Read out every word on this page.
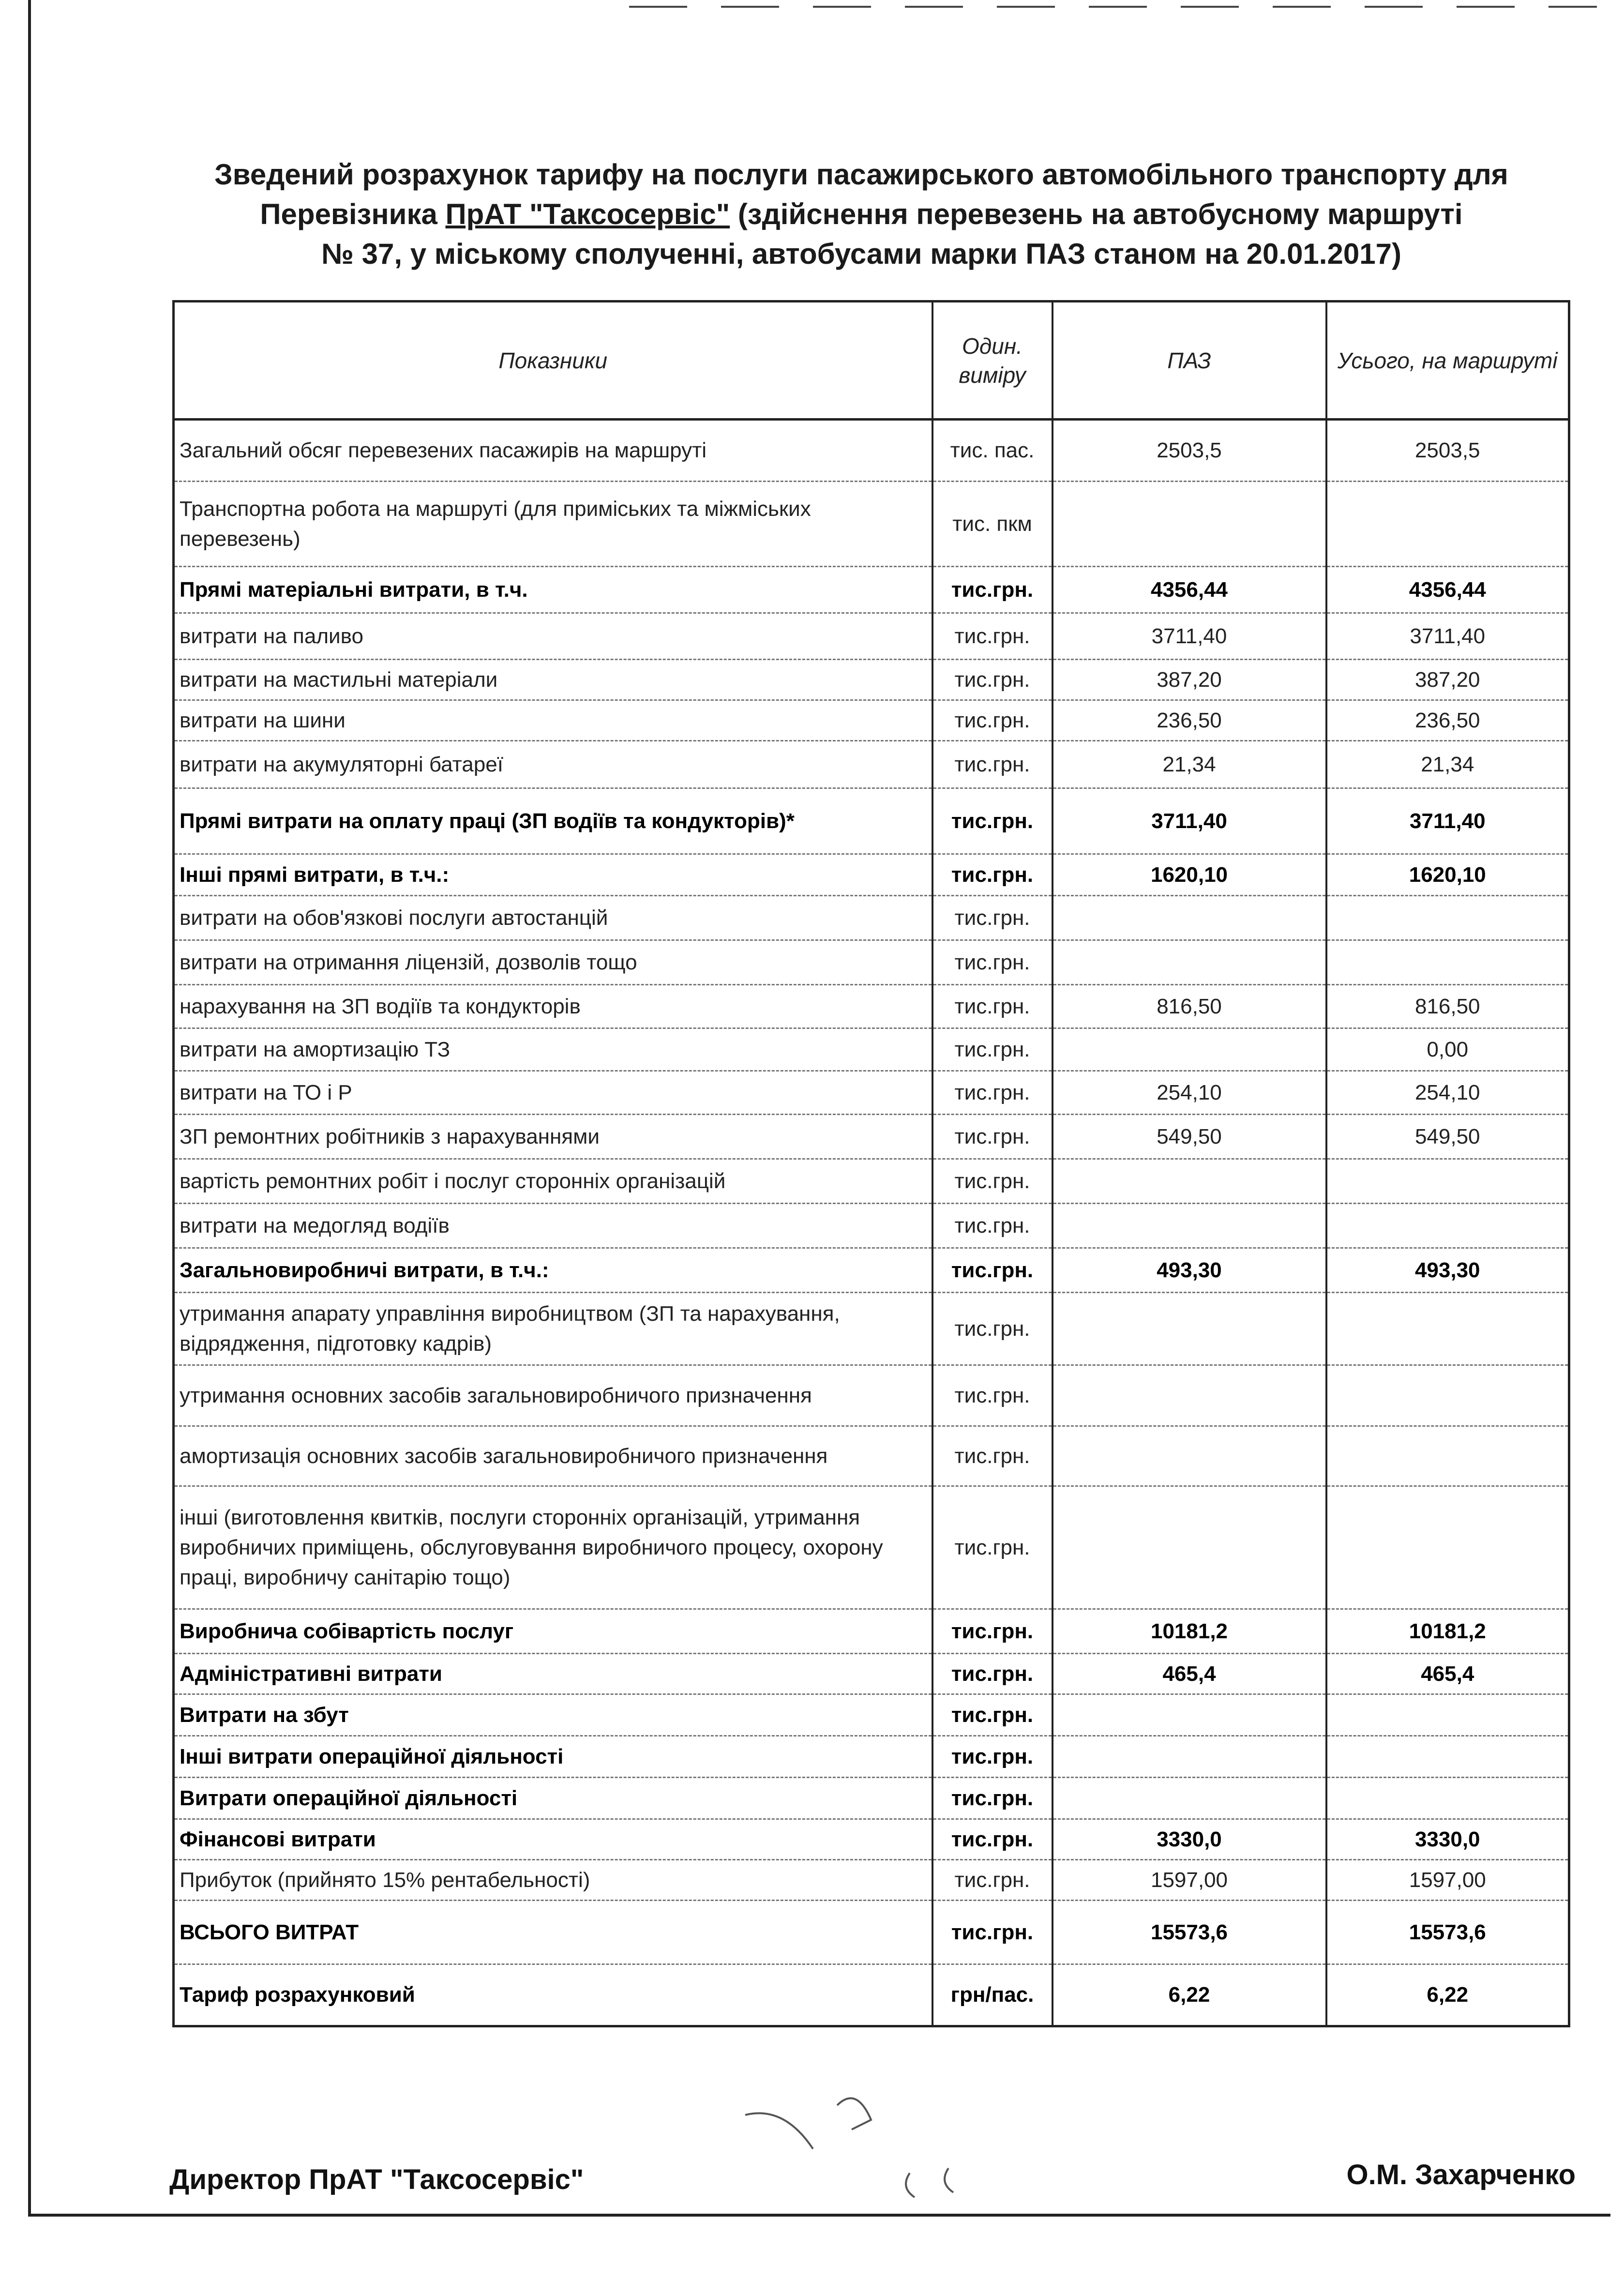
Зведений розрахунок тарифу на послуги пасажирського автомобільного транспорту для
Перевізника ПрАТ "Таксосервіс" (здійснення перевезень на автобусному маршруті
№ 37, у міському сполученні, автобусами марки ПАЗ станом на 20.01.2017)
Показники	Один. виміру	ПАЗ	Усього, на маршруті
Загальний обсяг перевезених пасажирів на маршруті	тис. пас.	2503,5	2503,5
Транспортна робота на маршруті (для приміських та міжміських перевезень)	тис. пкм		
Прямі матеріальні витрати, в т.ч.	тис.грн.	4356,44	4356,44
витрати на паливо	тис.грн.	3711,40	3711,40
витрати на мастильні матеріали	тис.грн.	387,20	387,20
витрати на шини	тис.грн.	236,50	236,50
витрати на акумуляторні батареї	тис.грн.	21,34	21,34
Прямі витрати на оплату праці (ЗП водіїв та кондукторів)*	тис.грн.	3711,40	3711,40
Інші прямі витрати, в т.ч.:	тис.грн.	1620,10	1620,10
витрати на обов'язкові послуги автостанцій	тис.грн.		
витрати на отримання ліцензій, дозволів тощо	тис.грн.		
нарахування на ЗП водіїв та кондукторів	тис.грн.	816,50	816,50
витрати на амортизацію ТЗ	тис.грн.		0,00
витрати на ТО і Р	тис.грн.	254,10	254,10
ЗП ремонтних робітників з нарахуваннями	тис.грн.	549,50	549,50
вартість ремонтних робіт і послуг сторонніх організацій	тис.грн.		
витрати на медогляд водіїв	тис.грн.		
Загальновиробничі витрати, в т.ч.:	тис.грн.	493,30	493,30
утримання апарату управління виробництвом (ЗП та нарахування, відрядження, підготовку кадрів)	тис.грн.		
утримання основних засобів загальновиробничого призначення	тис.грн.		
амортизація основних засобів загальновиробничого призначення	тис.грн.		
інші (виготовлення квитків, послуги сторонніх організацій, утримання виробничих приміщень, обслуговування виробничого процесу, охорону праці, виробничу санітарію тощо)	тис.грн.		
Виробнича собівартість послуг	тис.грн.	10181,2	10181,2
Адміністративні витрати	тис.грн.	465,4	465,4
Витрати на збут	тис.грн.		
Інші витрати операційної діяльності	тис.грн.		
Витрати операційної діяльності	тис.грн.		
Фінансові витрати	тис.грн.	3330,0	3330,0
Прибуток (прийнято 15% рентабельності)	тис.грн.	1597,00	1597,00
ВСЬОГО ВИТРАТ	тис.грн.	15573,6	15573,6
Тариф розрахунковий	грн/пас.	6,22	6,22
Директор ПрАТ "Таксосервіс"	О.М. Захарченко
